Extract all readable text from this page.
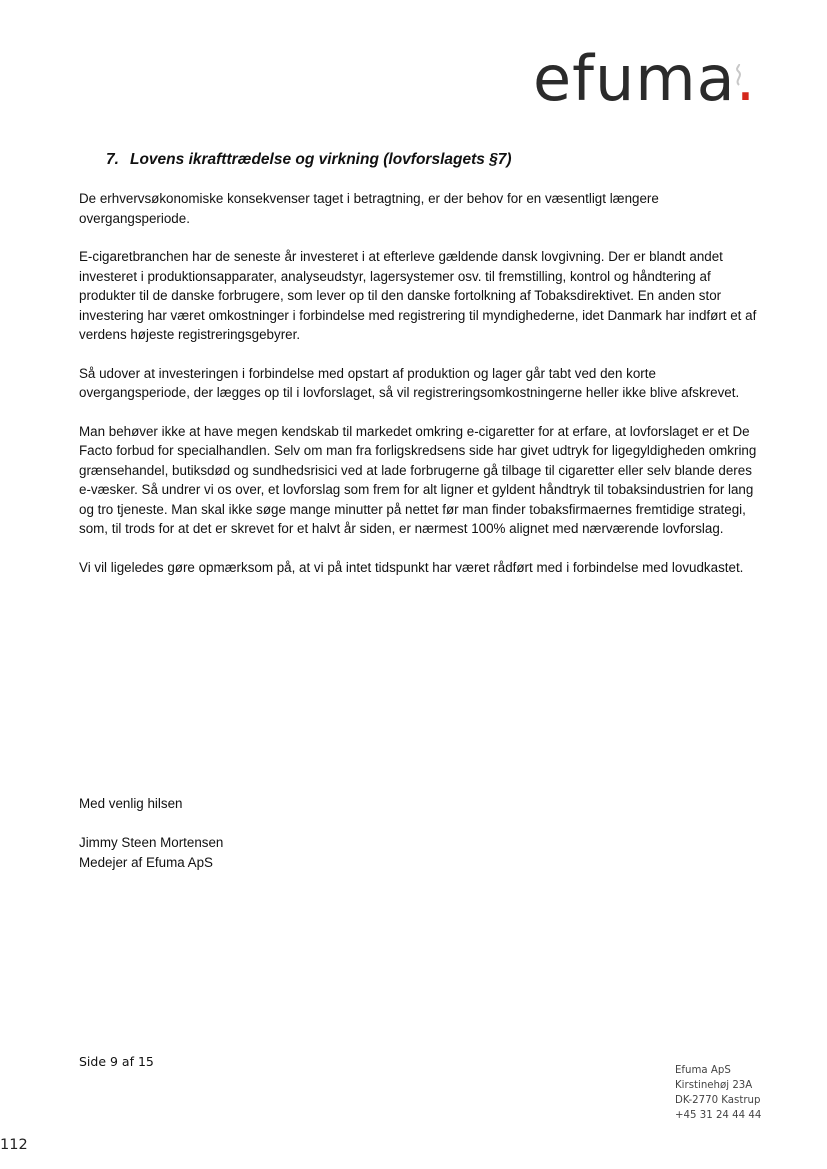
efuma.
7. Lovens ikrafttrædelse og virkning (lovforslagets §7)

De erhvervsøkonomiske konsekvenser taget i betragtning, er der behov for en væsentligt længere overgangsperiode.

E-cigaretbranchen har de seneste år investeret i at efterleve gældende dansk lovgivning. Der er blandt andet investeret i produktionsapparater, analyseudstyr, lagersystemer osv. til fremstilling, kontrol og håndtering af produkter til de danske forbrugere, som lever op til den danske fortolkning af Tobaksdirektivet. En anden stor investering har været omkostninger i forbindelse med registrering til myndighederne, idet Danmark har indført et af verdens højeste registreringsgebyrer.

Så udover at investeringen i forbindelse med opstart af produktion og lager går tabt ved den korte overgangsperiode, der lægges op til i lovforslaget, så vil registreringsomkostningerne heller ikke blive afskrevet.

Man behøver ikke at have megen kendskab til markedet omkring e-cigaretter for at erfare, at lovforslaget er et De Facto forbud for specialhandlen. Selv om man fra forligskredsens side har givet udtryk for ligegyldigheden omkring grænsehandel, butiksdød og sundhedsrisici ved at lade forbrugerne gå tilbage til cigaretter eller selv blande deres e-væsker. Så undrer vi os over, et lovforslag som frem for alt ligner et gyldent håndtryk til tobaksindustrien for lang og tro tjeneste. Man skal ikke søge mange minutter på nettet før man finder tobaksfirmaernes fremtidige strategi, som, til trods for at det er skrevet for et halvt år siden, er nærmest 100% alignet med nærværende lovforslag.

Vi vil ligeledes gøre opmærksom på, at vi på intet tidspunkt har været rådført med i forbindelse med lovudkastet.

Med venlig hilsen

Jimmy Steen Mortensen

Medejer af Efuma ApS

Side 9 af 15

Efuma ApS

Kirstinehøj 23A

DK-2770 Kastrup

+45 31 24 44 44

112
